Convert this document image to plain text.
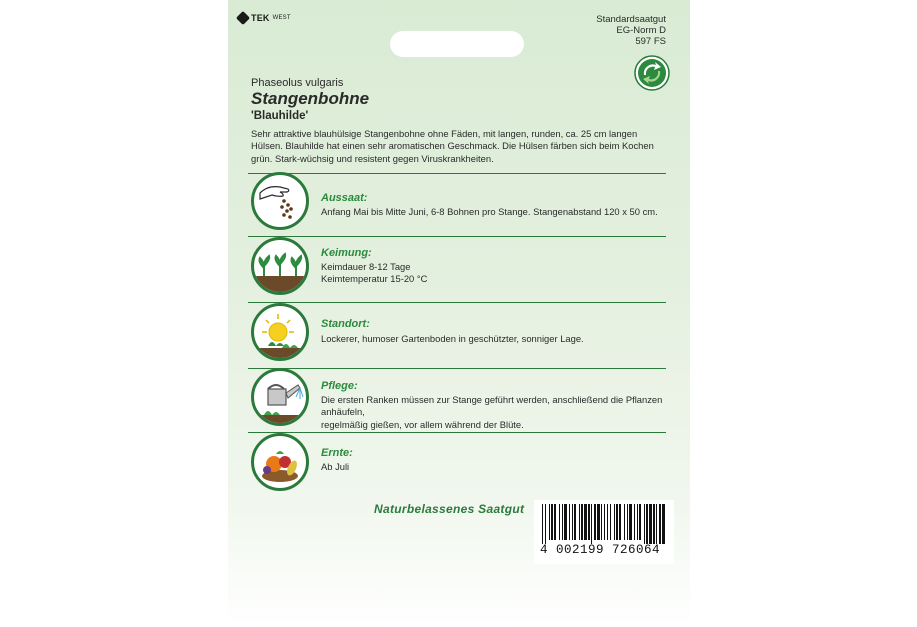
TEK WEST	Standardsaatgut
EG-Norm D
597 FS
Phaseolus vulgaris
Stangenbohne
'Blauhilde'
Sehr attraktive blauhülsige Stangenbohne ohne Fäden, mit langen, runden, ca. 25 cm langen Hülsen. Blauhilde hat einen sehr aromatischen Geschmack. Die Hülsen färben sich beim Kochen grün. Stark-wüchsig und resistent gegen Viruskrankheiten.
Aussaat:
Anfang Mai bis Mitte Juni, 6-8 Bohnen pro Stange. Stangenabstand 120 x 50 cm.
Keimung:
Keimdauer 8-12 Tage
Keimtemperatur 15-20 °C
Standort:
Lockerer, humoser Gartenboden in geschützter, sonniger Lage.
Pflege:
Die ersten Ranken müssen zur Stange geführt werden, anschließend die Pflanzen anhäufeln,
regelmäßig gießen, vor allem während der Blüte.
Ernte:
Ab Juli
Naturbelassenes Saatgut
4 002199 726064
